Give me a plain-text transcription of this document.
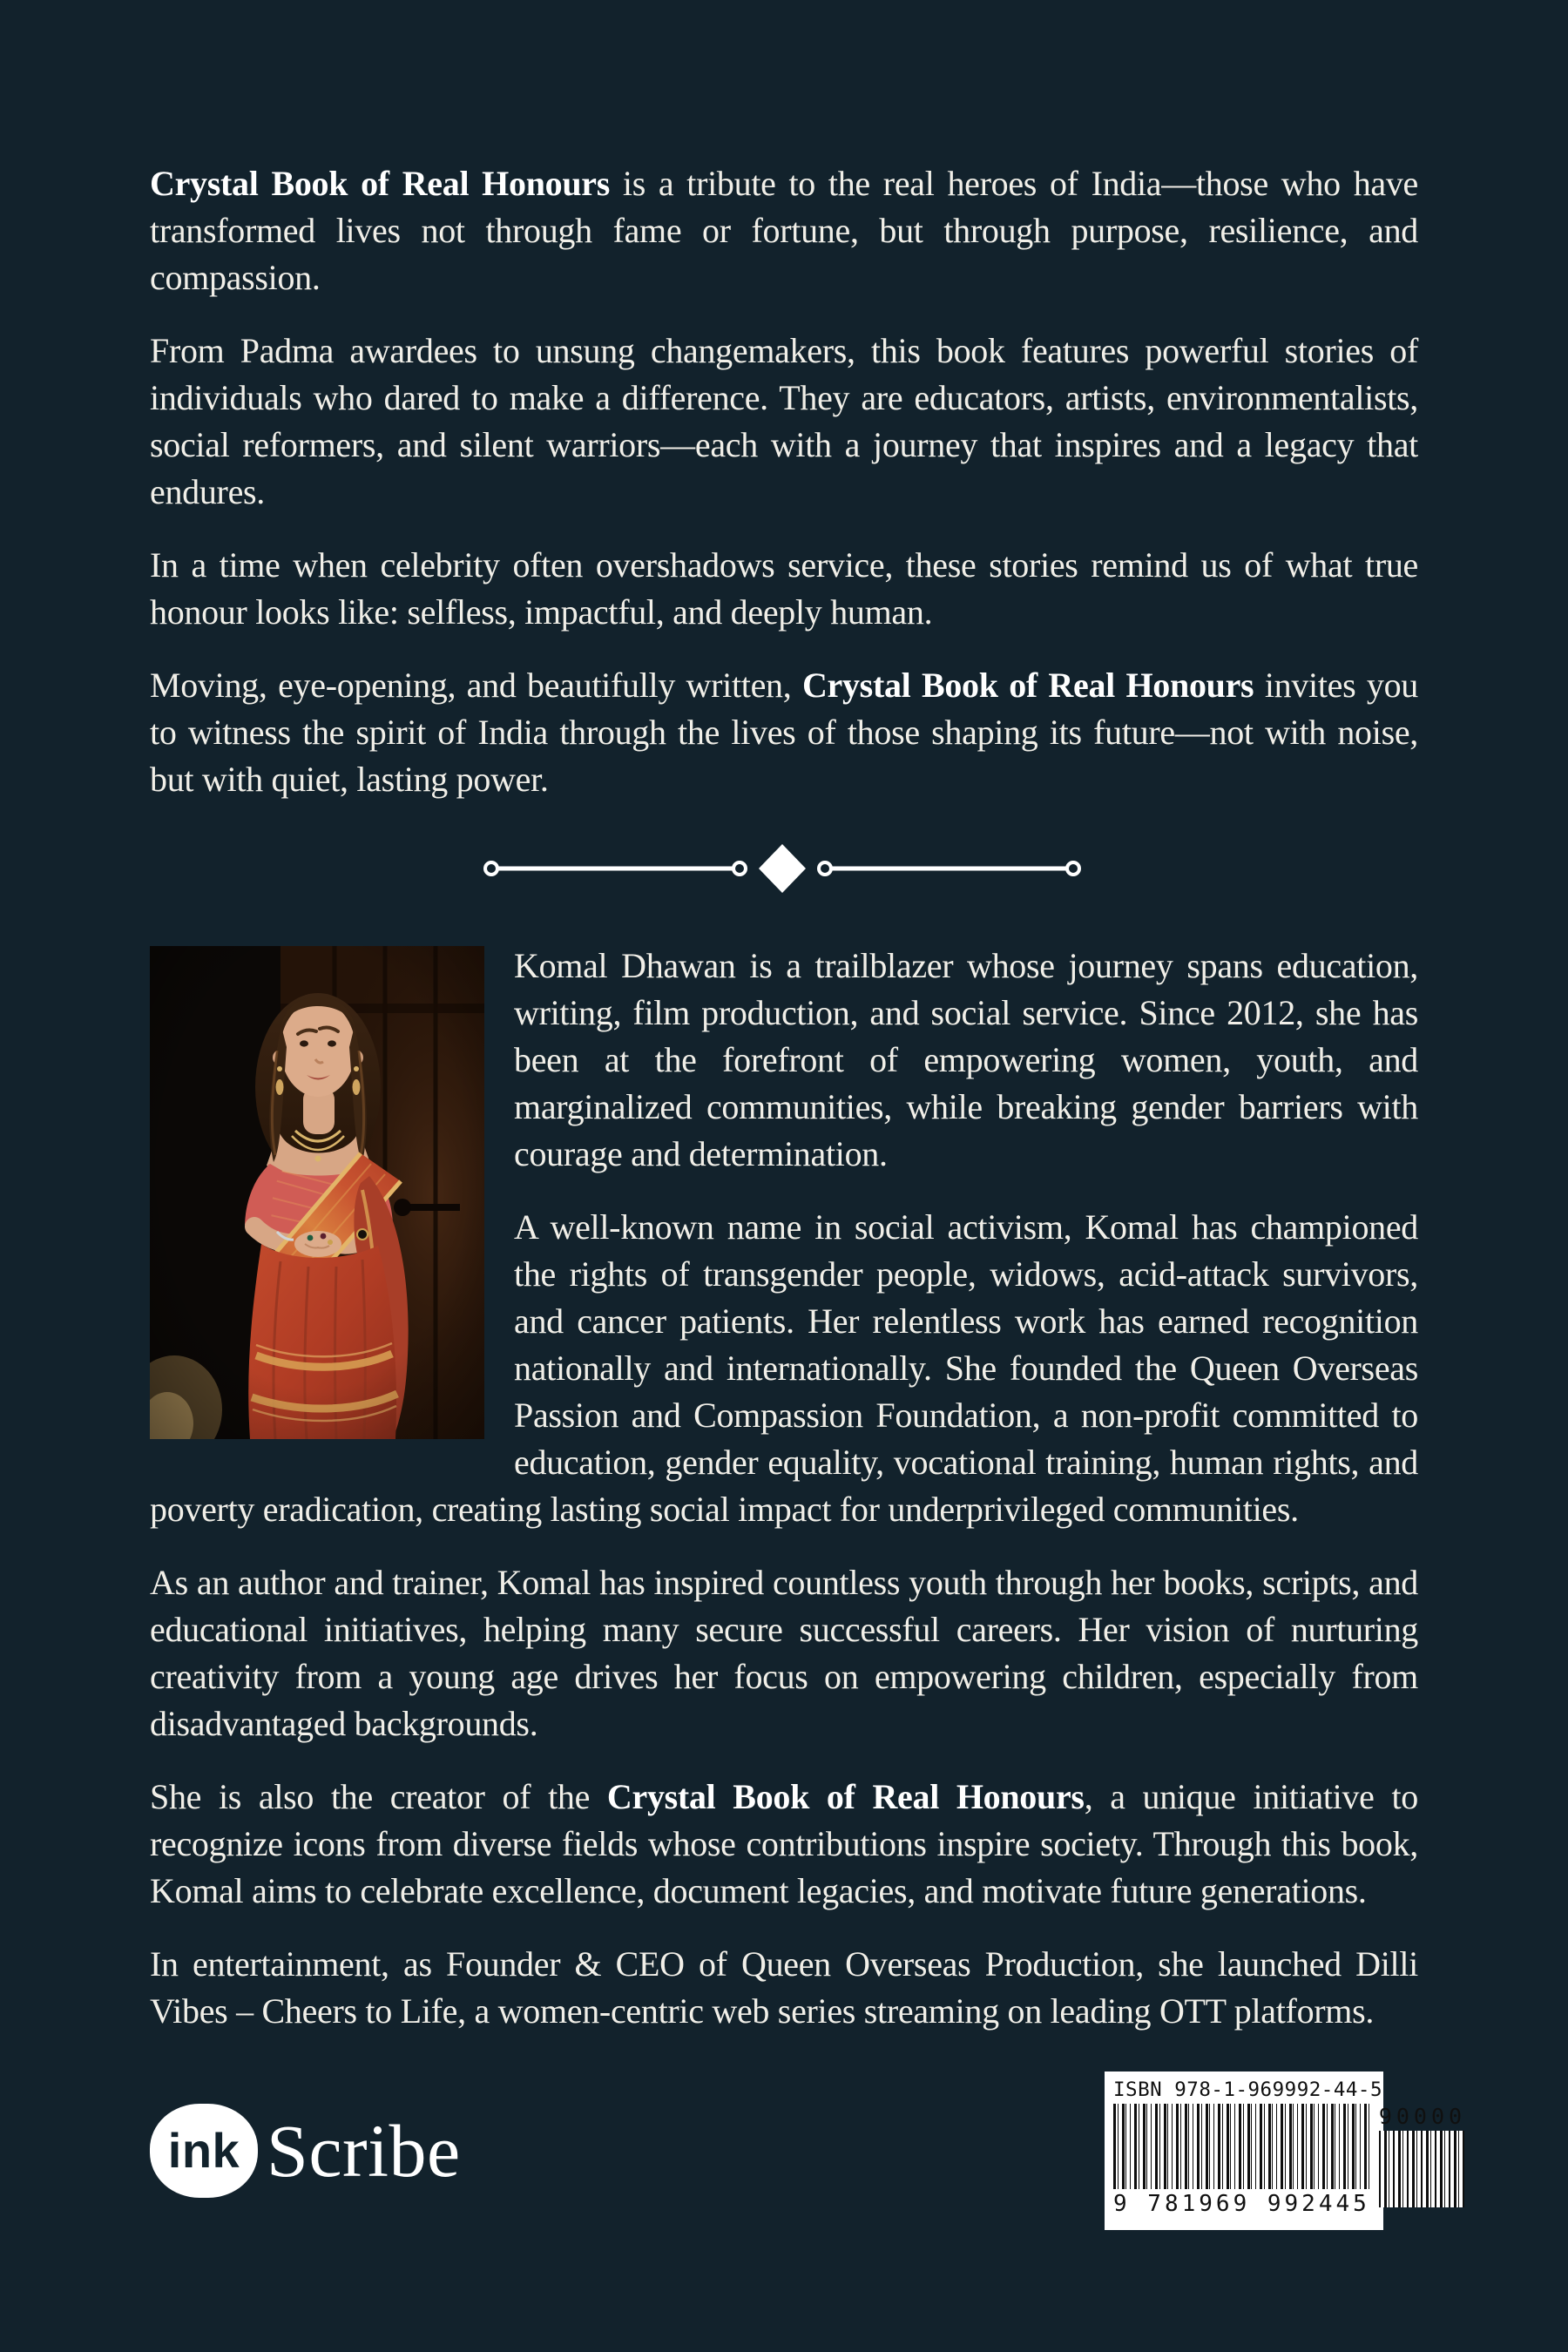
Crystal Book of Real Honours is a tribute to the real heroes of India—those who have transformed lives not through fame or fortune, but through purpose, resilience, and compassion.

From Padma awardees to unsung changemakers, this book features powerful stories of individuals who dared to make a difference. They are educators, artists, environmentalists, social reformers, and silent warriors—each with a journey that inspires and a legacy that endures.

In a time when celebrity often overshadows service, these stories remind us of what true honour looks like: selfless, impactful, and deeply human.

Moving, eye-opening, and beautifully written, Crystal Book of Real Honours invites you to witness the spirit of India through the lives of those shaping its future—not with noise, but with quiet, lasting power.

Komal Dhawan is a trailblazer whose journey spans education, writing, film production, and social service. Since 2012, she has been at the forefront of empowering women, youth, and marginalized communities, while breaking gender barriers with courage and determination.

A well-known name in social activism, Komal has championed the rights of transgender people, widows, acid-attack survivors, and cancer patients. Her relentless work has earned recognition nationally and internationally. She founded the Queen Overseas Passion and Compassion Foundation, a non-profit committed to education, gender equality, vocational training, human rights, and poverty eradication, creating lasting social impact for underprivileged communities.

As an author and trainer, Komal has inspired countless youth through her books, scripts, and educational initiatives, helping many secure successful careers. Her vision of nurturing creativity from a young age drives her focus on empowering children, especially from disadvantaged backgrounds.

She is also the creator of the Crystal Book of Real Honours, a unique initiative to recognize icons from diverse fields whose contributions inspire society. Through this book, Komal aims to celebrate excellence, document legacies, and motivate future generations.

In entertainment, as Founder & CEO of Queen Overseas Production, she launched Dilli Vibes – Cheers to Life, a women-centric web series streaming on leading OTT platforms.

ink Scribe
ISBN 978-1-969992-44-5
9 781969 992445
90000
